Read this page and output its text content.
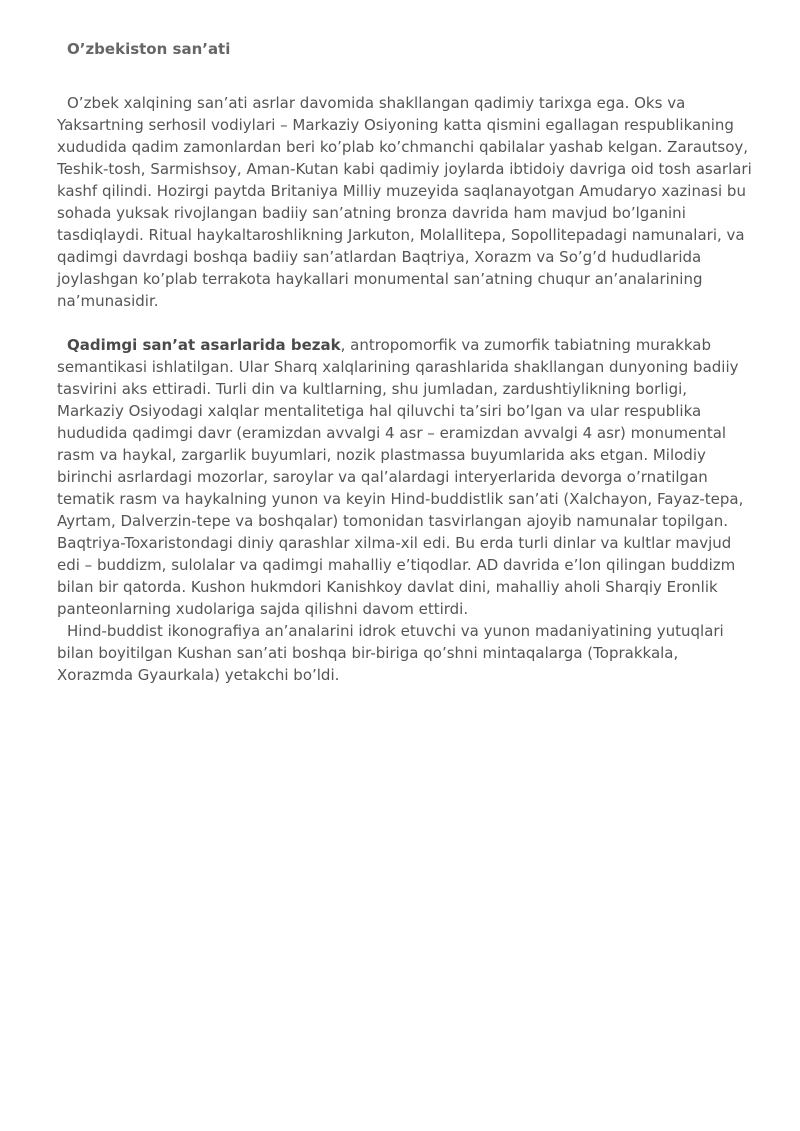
O’zbekiston san’ati

O’zbek xalqining san’ati asrlar davomida shakllangan qadimiy tarixga ega. Oks va Yaksartning serhosil vodiylari – Markaziy Osiyoning katta qismini egallagan respublikaning xududida qadim zamonlardan beri ko’plab ko’chmanchi qabilalar yashab kelgan. Zarautsoy, Teshik-tosh, Sarmishsoy, Aman-Kutan kabi qadimiy joylarda ibtidoiy davriga oid tosh asarlari kashf qilindi. Hozirgi paytda Britaniya Milliy muzeyida saqlanayotgan Amudaryo xazinasi bu sohada yuksak rivojlangan badiiy san’atning bronza davrida ham mavjud bo’lganini tasdiqlaydi. Ritual haykaltaroshlikning Jarkuton, Molallitepa, Sopollitepadagi namunalari, va qadimgi davrdagi boshqa badiiy san’atlardan Baqtriya, Xorazm va So’g’d hududlarida joylashgan ko’plab terrakota haykallari monumental san’atning chuqur an’analarining na’munasidir.

Qadimgi san’at asarlarida bezak, antropomorfik va zumorfik tabiatning murakkab semantikasi ishlatilgan. Ular Sharq xalqlarining qarashlarida shakllangan dunyoning badiiy tasvirini aks ettiradi. Turli din va kultlarning, shu jumladan, zardushtiylikning borligi, Markaziy Osiyodagi xalqlar mentalitetiga hal qiluvchi ta’siri bo’lgan va ular respublika hududida qadimgi davr (eramizdan avvalgi 4 asr – eramizdan avvalgi 4 asr) monumental rasm va haykal, zargarlik buyumlari, nozik plastmassa buyumlarida aks etgan. Milodiy birinchi asrlardagi mozorlar, saroylar va qal’alardagi interyerlarida devorga o’rnatilgan tematik rasm va haykalning yunon va keyin Hind-buddistlik san’ati (Xalchayon, Fayaz-tepa, Ayrtam, Dalverzin-tepe va boshqalar) tomonidan tasvirlangan ajoyib namunalar topilgan. Baqtriya-Toxaristondagi diniy qarashlar xilma-xil edi. Bu erda turli dinlar va kultlar mavjud edi – buddizm, sulolalar va qadimgi mahalliy e’tiqodlar. AD davrida e’lon qilingan buddizm bilan bir qatorda. Kushon hukmdori Kanishkoy davlat dini, mahalliy aholi Sharqiy Eronlik panteonlarning xudolariga sajda qilishni davom ettirdi.

Hind-buddist ikonografiya an’analarini idrok etuvchi va yunon madaniyatining yutuqlari bilan boyitilgan Kushan san’ati boshqa bir-biriga qo’shni mintaqalarga (Toprakkala, Xorazmda Gyaurkala) yetakchi bo’ldi.
